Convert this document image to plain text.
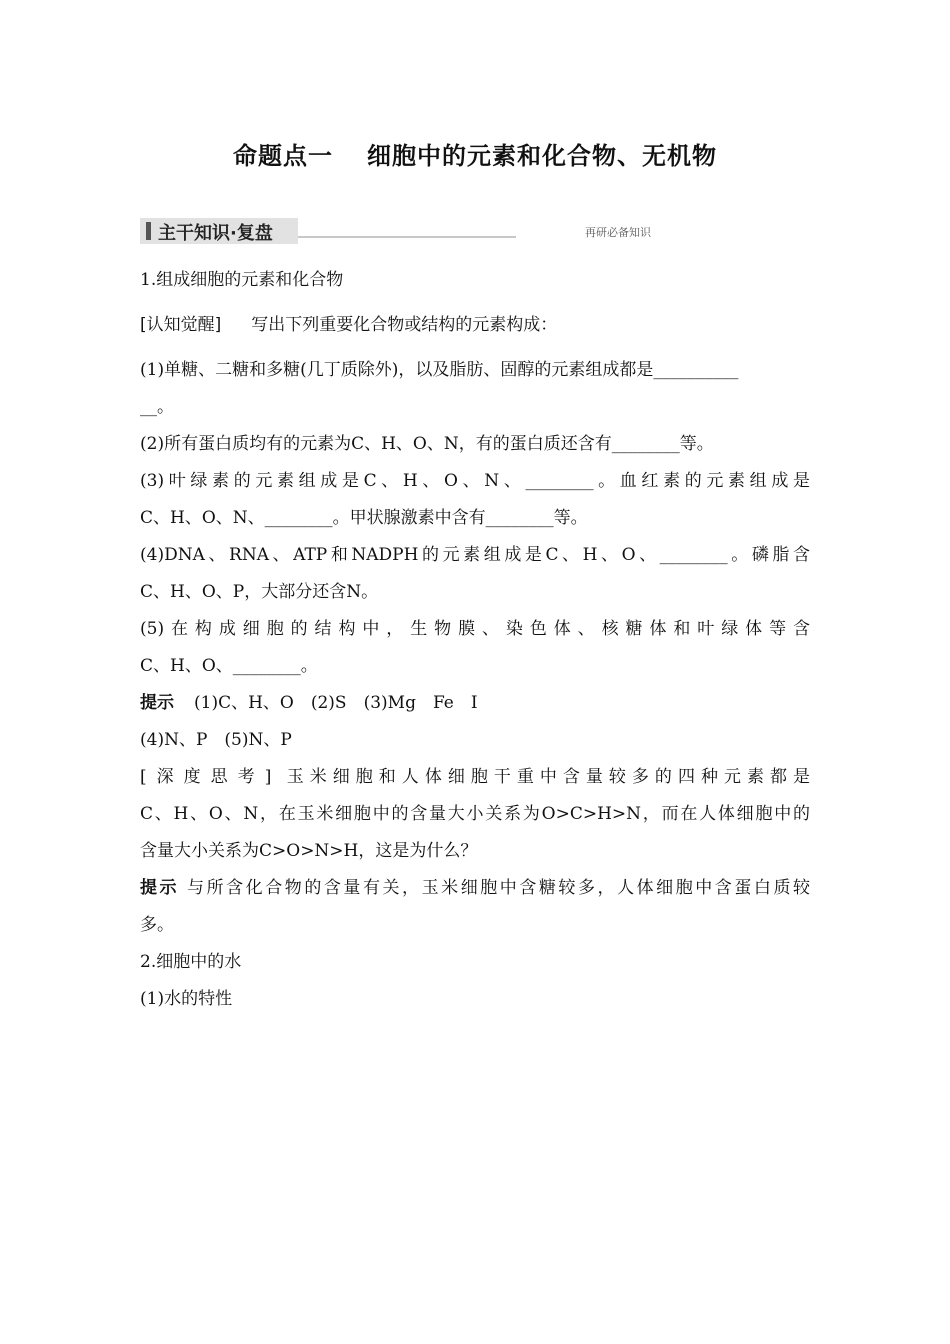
命题点一 细胞中的元素和化合物、无机物
主干知识·复盘	再研必备知识

1.组成细胞的元素和化合物

[认知觉醒] 写出下列重要化合物或结构的元素构成：

(1)单糖、二糖和多糖(几丁质除外)，以及脂肪、固醇的元素组成都是__________

__。

(2)所有蛋白质均有的元素为C、H、O、N，有的蛋白质还含有________等。

(3)叶绿素的元素组成是C、H、O、N、________。血红素的元素组成是

C、H、O、N、________。甲状腺激素中含有________等。

(4)DNA、RNA、ATP和NADPH的元素组成是C、H、O、________。磷脂含

C、H、O、P，大部分还含N。

(5)在构成细胞的结构中，生物膜、染色体、核糖体和叶绿体等含

C、H、O、________。

提示 (1)C、H、O　(2)S　(3)Mg　Fe　I

(4)N、P　(5)N、P

[深度思考] 玉米细胞和人体细胞干重中含量较多的四种元素都是

C、H、O、N，在玉米细胞中的含量大小关系为O>C>H>N，而在人体细胞中的

含量大小关系为C>O>N>H，这是为什么？

提示 与所含化合物的含量有关，玉米细胞中含糖较多，人体细胞中含蛋白质较

多。

2.细胞中的水

(1)水的特性
